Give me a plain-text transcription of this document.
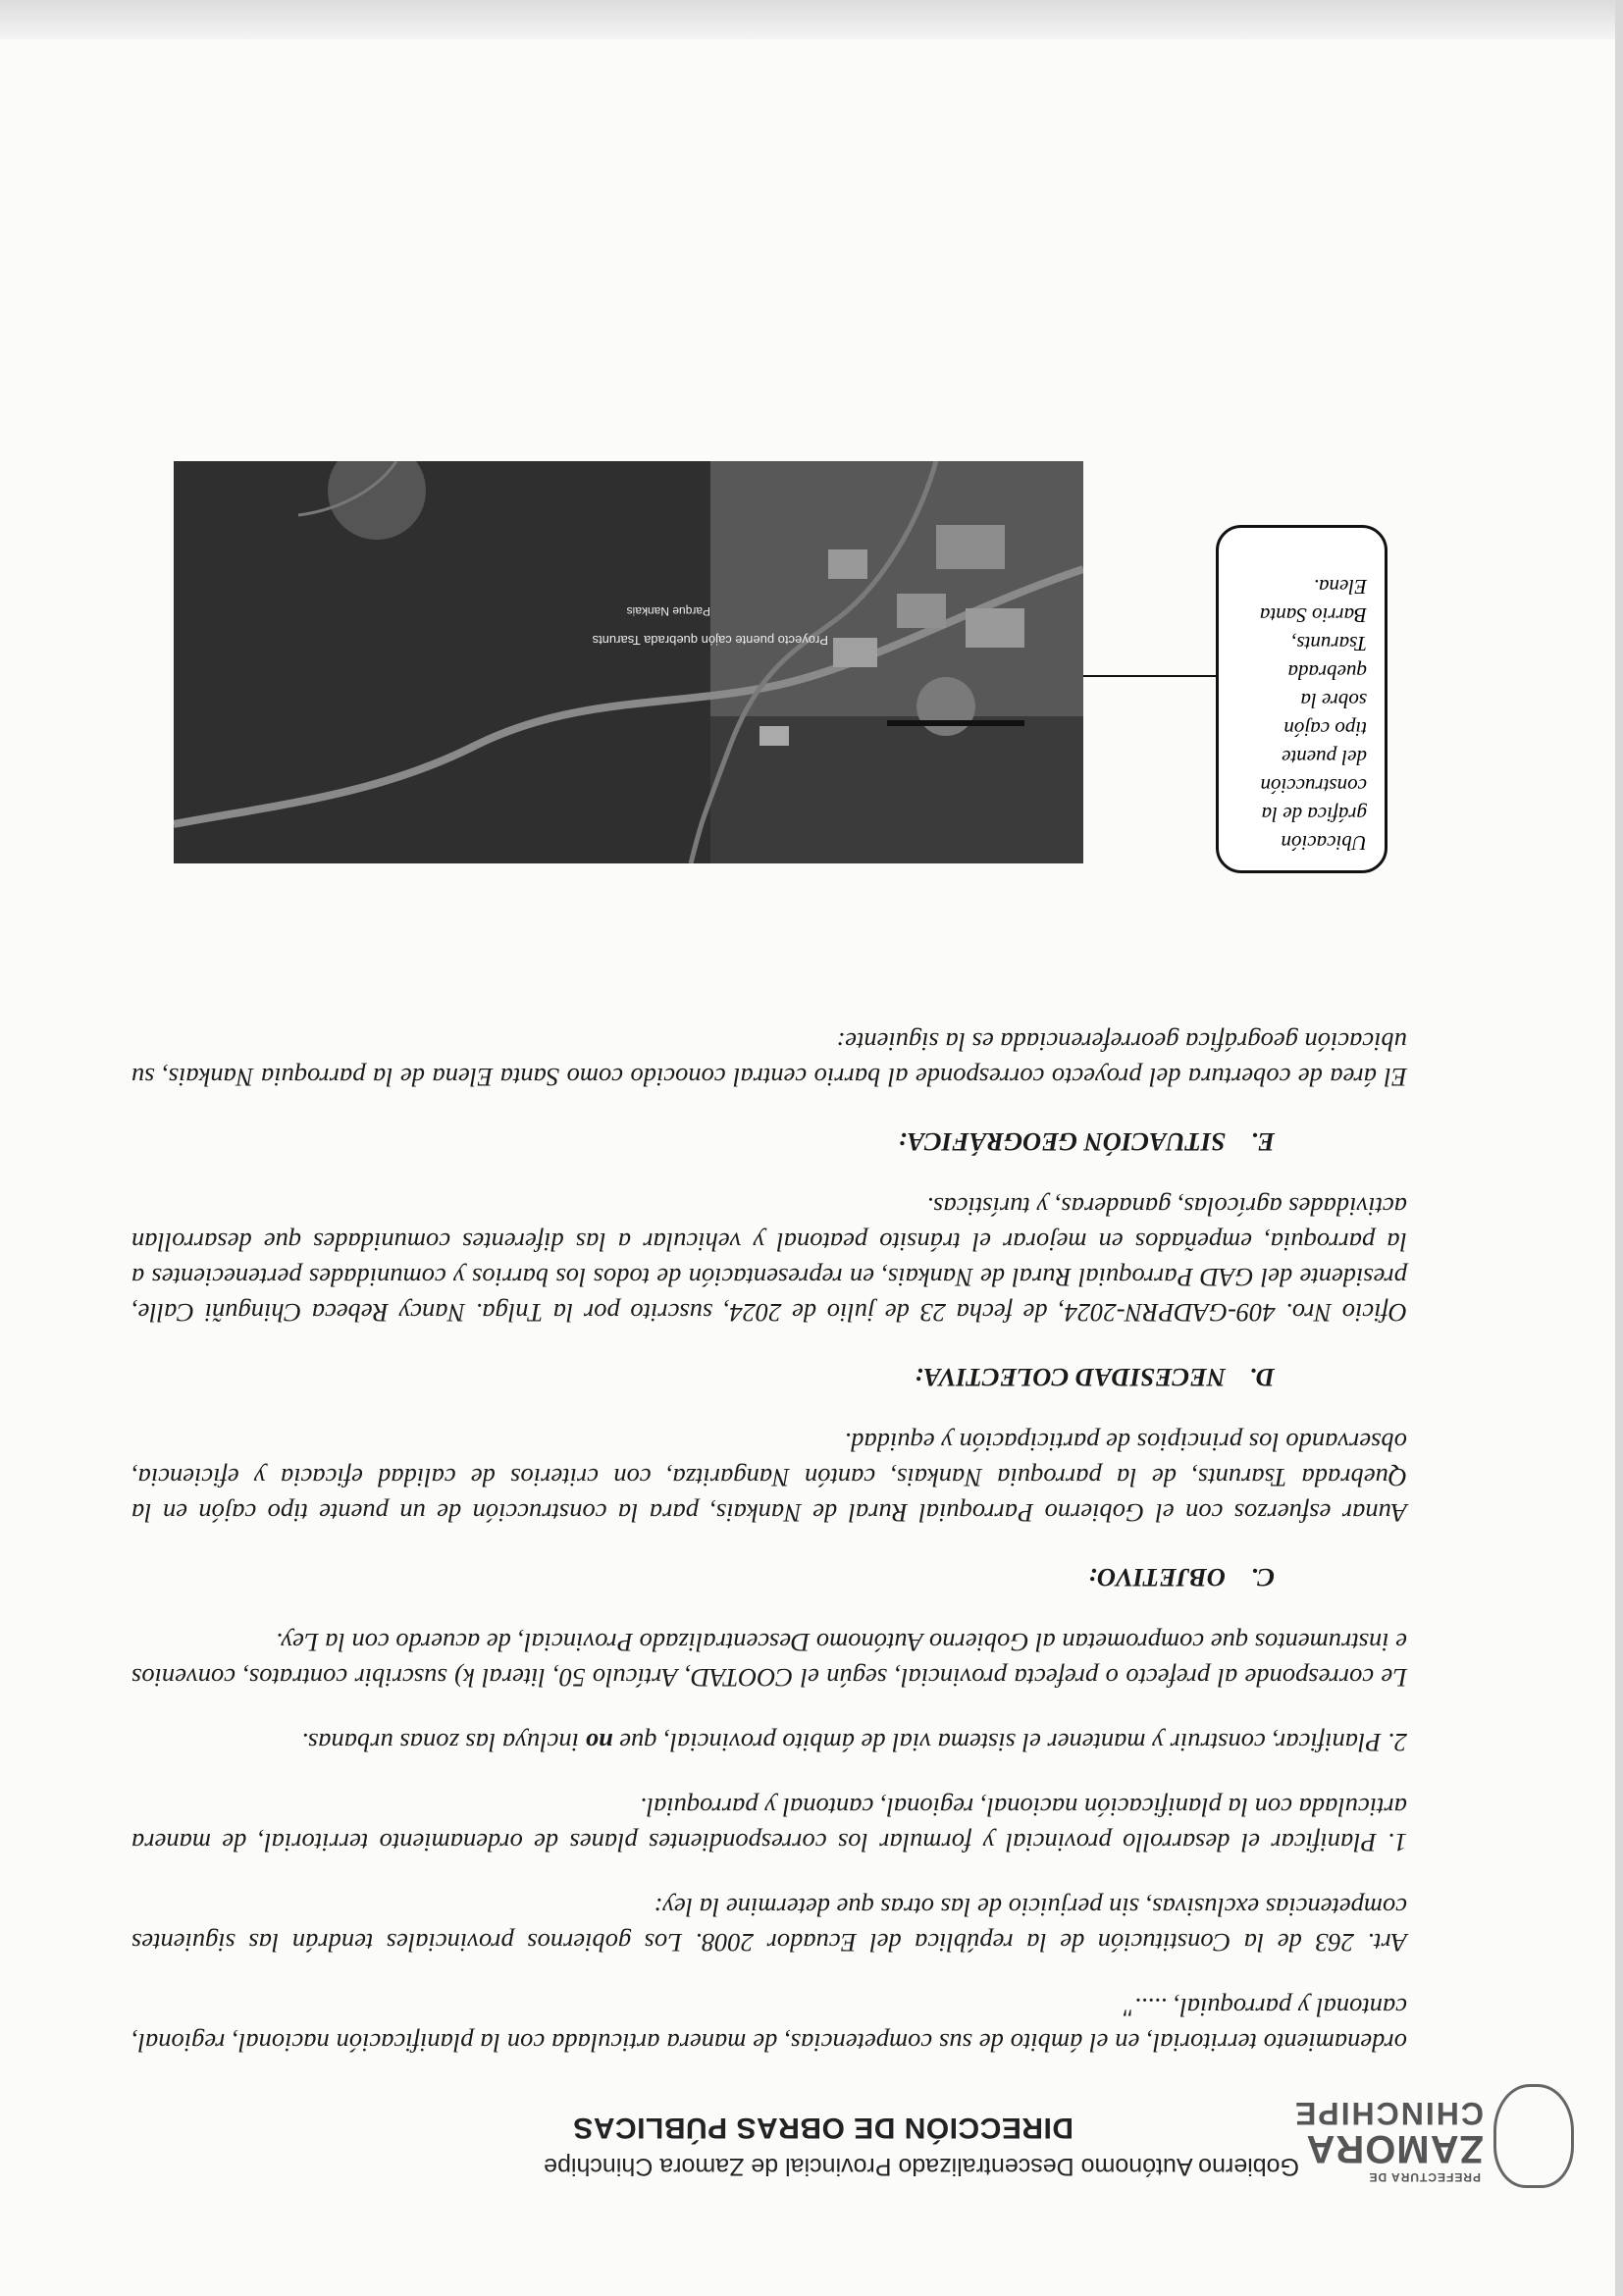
PREFECTURA DE
ZAMORA
CHINCHIPE
Gobierno Autónomo Descentralizado Provincial de Zamora Chinchipe
DIRECCIÓN DE OBRAS PÚBLICAS

ordenamiento territorial, en el ámbito de sus competencias, de manera articulada con la planificación nacional, regional, cantonal y parroquial, ....."

Art. 263 de la Constitución de la república del Ecuador 2008. Los gobiernos provinciales tendrán las siguientes competencias exclusivas, sin perjuicio de las otras que determine la ley:

1. Planificar el desarrollo provincial y formular los correspondientes planes de ordenamiento territorial, de manera articulada con la planificación nacional, regional, cantonal y parroquial.

2. Planificar, construir y mantener el sistema vial de ámbito provincial, que no incluya las zonas urbanas.

Le corresponde al prefecto o prefecta provincial, según el COOTAD, Artículo 50, literal k) suscribir contratos, convenios e instrumentos que comprometan al Gobierno Autónomo Descentralizado Provincial, de acuerdo con la Ley.

C.OBJETIVO:

Aunar esfuerzos con el Gobierno Parroquial Rural de Nankais, para la construcción de un puente tipo cajón en la Quebrada Tsarunts, de la parroquia Nankais, cantón Nangaritza, con criterios de calidad eficacia y eficiencia, observando los principios de participación y equidad.

D.NECESIDAD COLECTIVA:

Oficio Nro. 409-GADPRN-2024, de fecha 23 de julio de 2024, suscrito por la Tnlga. Nancy Rebeca Chinguñi Calle, presidente del GAD Parroquial Rural de Nankais, en representación de todos los barrios y comunidades pertenecientes a la parroquia, empeñados en mejorar el tránsito peatonal y vehicular a las diferentes comunidades que desarrollan actividades agrícolas, ganaderas, y turísticas.

E.SITUACIÓN GEOGRÁFICA:

El área de cobertura del proyecto corresponde al barrio central conocido como Santa Elena de la parroquia Nankais, su ubicación geográfica georreferenciada es la siguiente:

Ubicación
gráfica de la
construcción
del puente
tipo cajón
sobre la
quebrada
Tsarunts,
Barrio Santa
Elena.
Proyecto puente cajón quebrada Tsarunts
Parque Nankais
